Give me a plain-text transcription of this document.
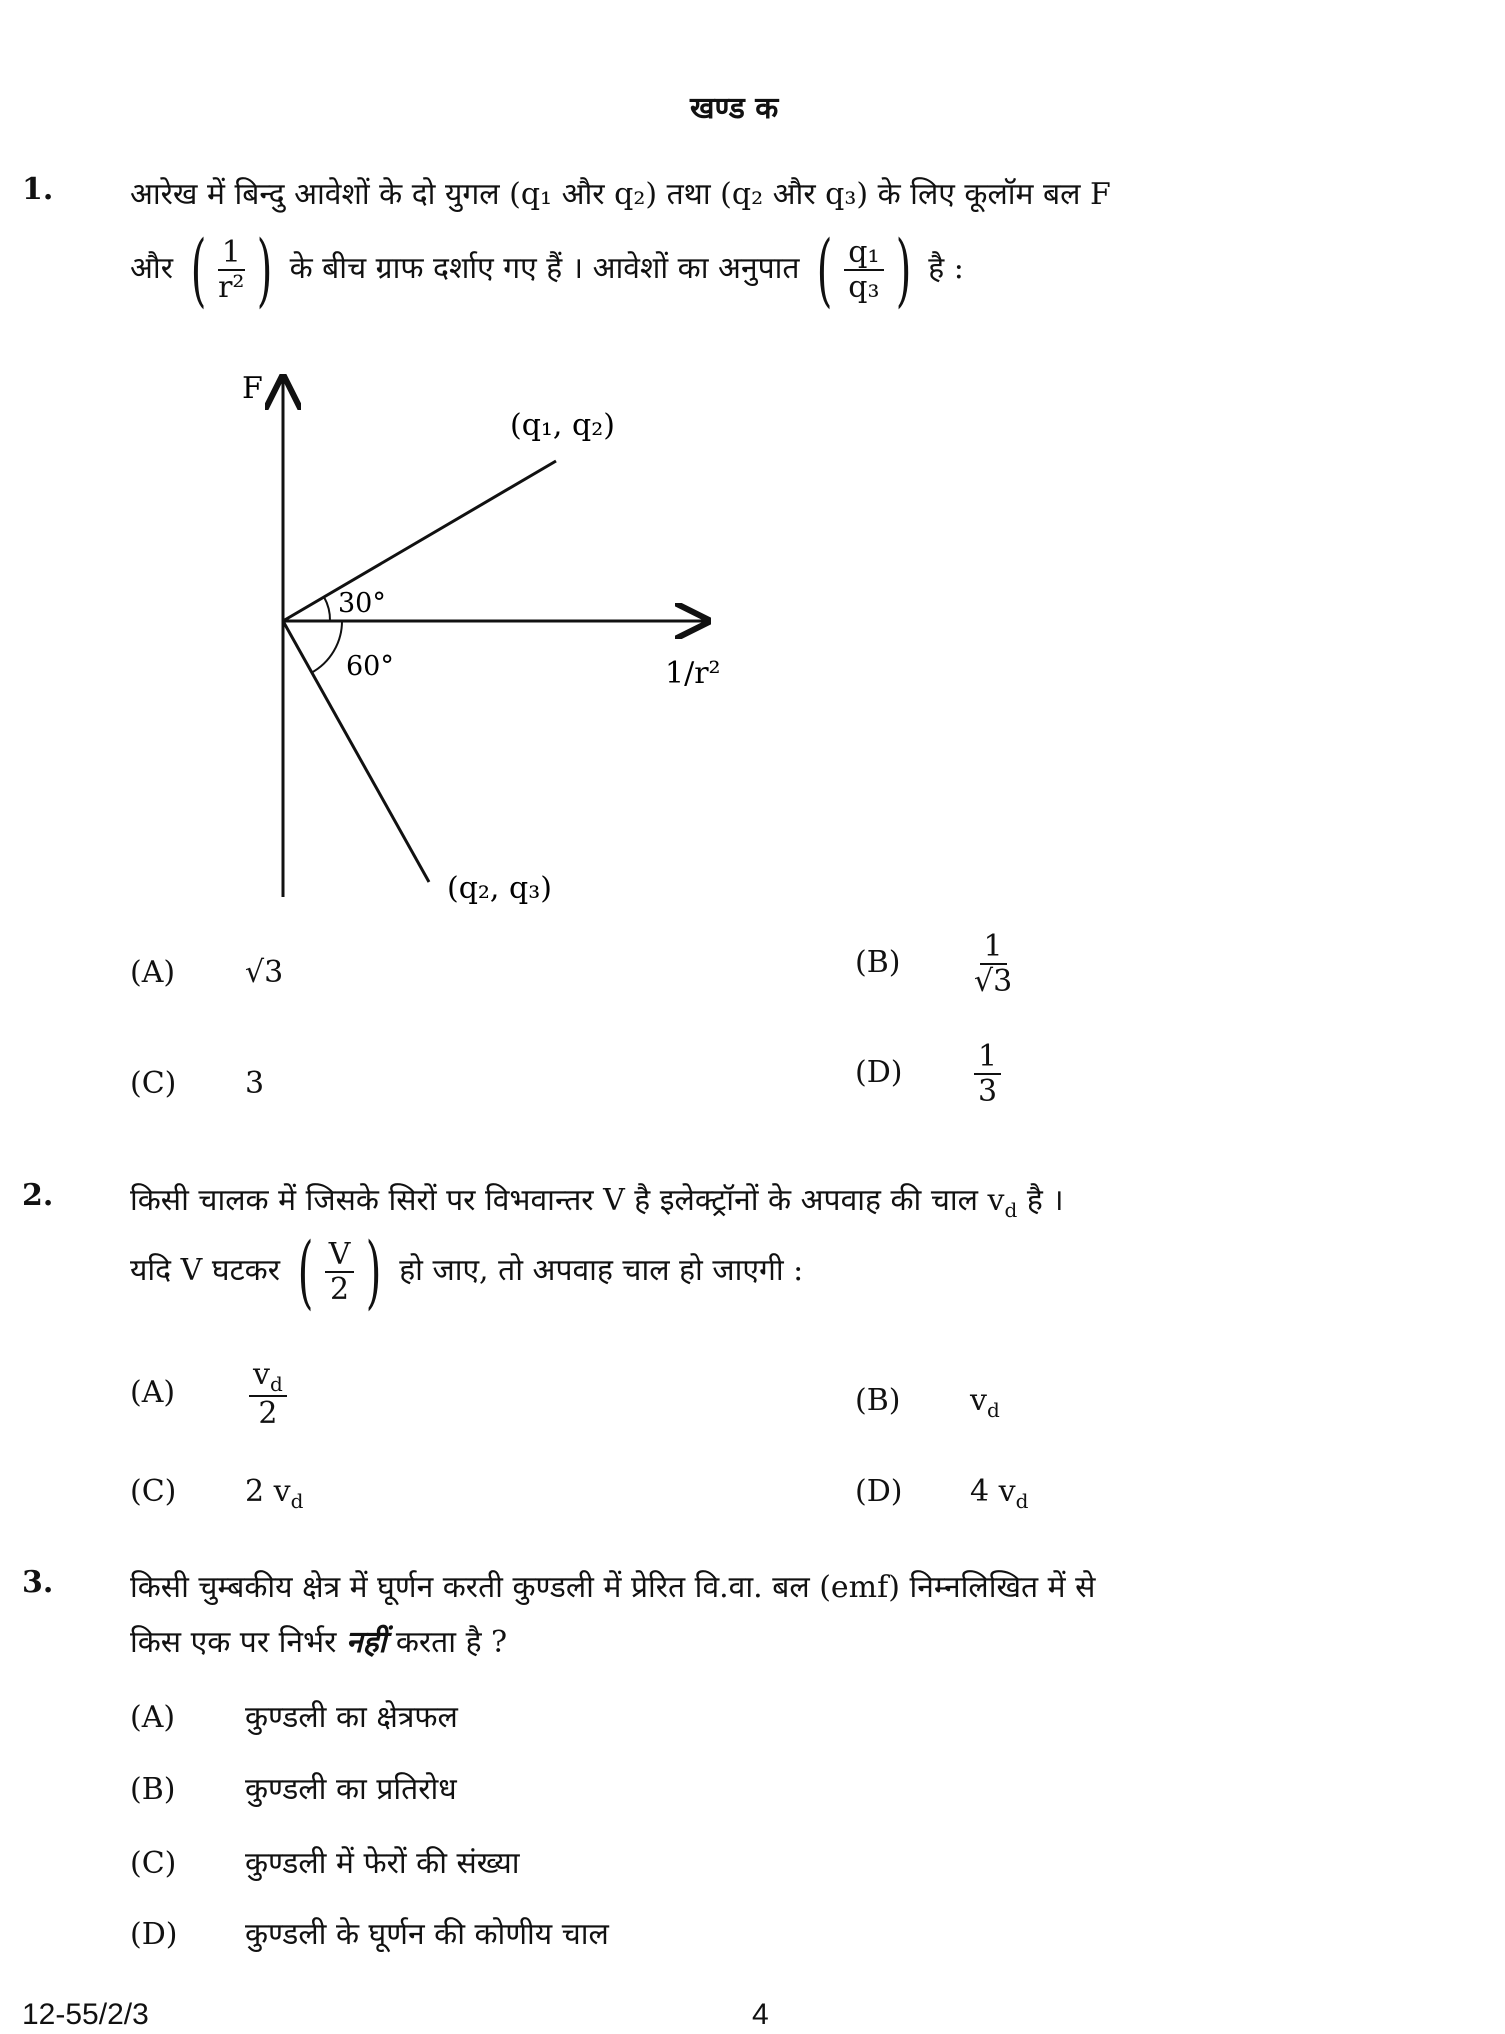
खण्ड क
1.	आरेख में बिन्दु आवेशों के दो युगल (q₁ और q₂) तथा (q₂ और q₃) के लिए कूलॉम बल F
और ( $\frac{1}{\text{r²}}$ ) के बीच ग्राफ दर्शाए गए हैं । आवेशों का अनुपात ( $\frac{\text{q₁}}{\text{q₃}}$ ) है :
F
1/r²
(q₁, q₂)
(q₂, q₃)
30°
60°
(A) √3	$(B) \frac{1}{√3}$
(C) 3	$(D) \frac{1}{3}$
2.	किसी चालक में जिसके सिरों पर विभवान्तर V है इलेक्ट्रॉनों के अपवाह की चाल $v_d$ है ।
यदि V घटकर ( $\frac{V}{2}$ ) हो जाए, तो अपवाह चाल हो जाएगी :
$(A) \frac{v_d}{2}$	(B) $v_d$
(C) 2 $v_d$	(D) 4 $v_d$
3.	किसी चुम्बकीय क्षेत्र में घूर्णन करती कुण्डली में प्रेरित वि.वा. बल (emf) निम्नलिखित में से
किस एक पर निर्भर नहीं करता है ?
(A) कुण्डली का क्षेत्रफल
(B) कुण्डली का प्रतिरोध
(C) कुण्डली में फेरों की संख्या
(D) कुण्डली के घूर्णन की कोणीय चाल
12-55/2/3	4
